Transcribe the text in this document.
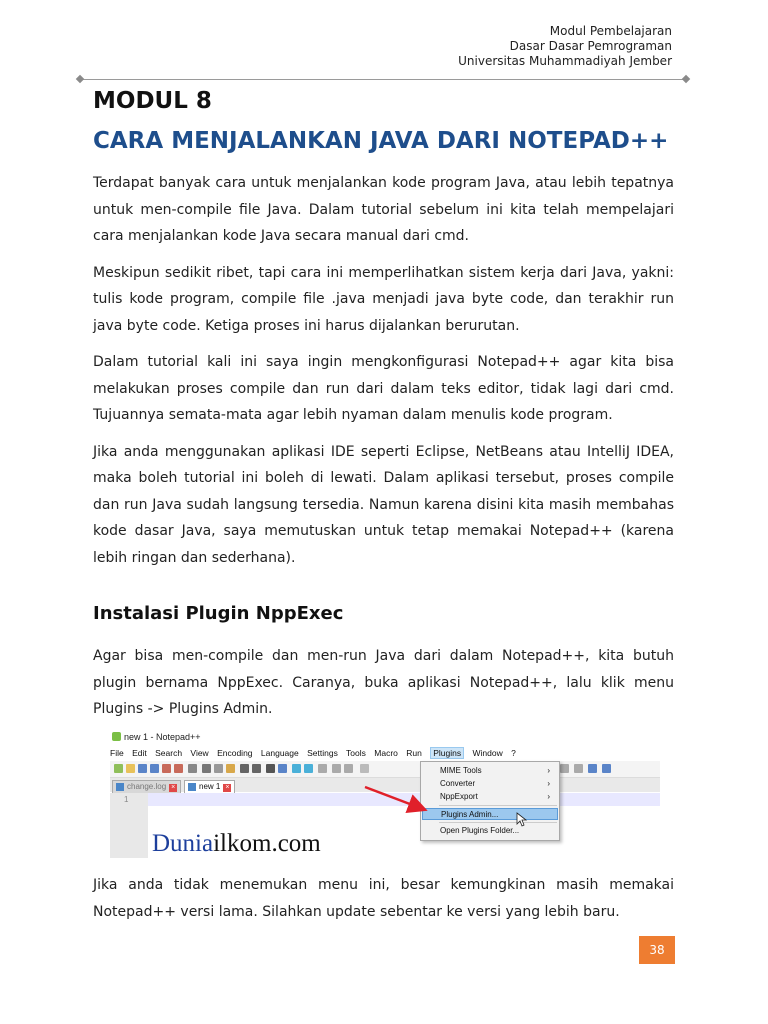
Modul Pembelajaran
Dasar Dasar Pemrograman
Universitas Muhammadiyah Jember
MODUL 8
CARA MENJALANKAN JAVA DARI NOTEPAD++

Terdapat banyak cara untuk menjalankan kode program Java, atau lebih tepatnya untuk men-compile file Java. Dalam tutorial sebelum ini kita telah mempelajari cara menjalankan kode Java secara manual dari cmd.

Meskipun sedikit ribet, tapi cara ini memperlihatkan sistem kerja dari Java, yakni: tulis kode program, compile file .java menjadi java byte code, dan terakhir run java byte code. Ketiga proses ini harus dijalankan berurutan.

Dalam tutorial kali ini saya ingin mengkonfigurasi Notepad++ agar kita bisa melakukan proses compile dan run dari dalam teks editor, tidak lagi dari cmd. Tujuannya semata-mata agar lebih nyaman dalam menulis kode program.

Jika anda menggunakan aplikasi IDE seperti Eclipse, NetBeans atau IntelliJ IDEA, maka boleh tutorial ini boleh di lewati. Dalam aplikasi tersebut, proses compile dan run Java sudah langsung tersedia. Namun karena disini kita masih membahas kode dasar Java, saya memutuskan untuk tetap memakai Notepad++ (karena lebih ringan dan sederhana).

Instalasi Plugin NppExec

Agar bisa men-compile dan men-run Java dari dalam Notepad++, kita butuh plugin bernama NppExec. Caranya, buka aplikasi Notepad++, lalu klik menu Plugins -> Plugins Admin.

new 1 - Notepad++
File Edit Search View Encoding Language Settings Tools Macro Run Plugins Window ?
change.log ×	new 1 ×
1
MIME Tools	›
Converter	›
NppExport	›
Plugins Admin...
Open Plugins Folder...
Duniailkom.com

Jika anda tidak menemukan menu ini, besar kemungkinan masih memakai Notepad++ versi lama. Silahkan update sebentar ke versi yang lebih baru.

38
